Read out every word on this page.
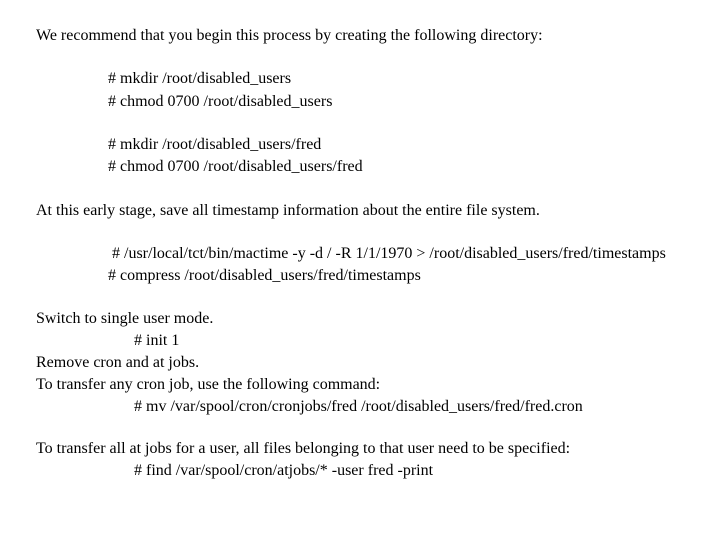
We recommend that you begin this process by creating the following directory:
# mkdir /root/disabled_users
# chmod 0700 /root/disabled_users
# mkdir /root/disabled_users/fred
# chmod 0700 /root/disabled_users/fred
At this early stage, save all timestamp information about the entire file system.
# /usr/local/tct/bin/mactime -y -d / -R 1/1/1970 > /root/disabled_users/fred/timestamps
# compress /root/disabled_users/fred/timestamps
Switch to single user mode.
# init 1
Remove cron and at jobs.
To transfer any cron job, use the following command:
# mv /var/spool/cron/cronjobs/fred /root/disabled_users/fred/fred.cron
To transfer all at jobs for a user, all files belonging to that user need to be specified:
# find /var/spool/cron/atjobs/* -user fred -print
